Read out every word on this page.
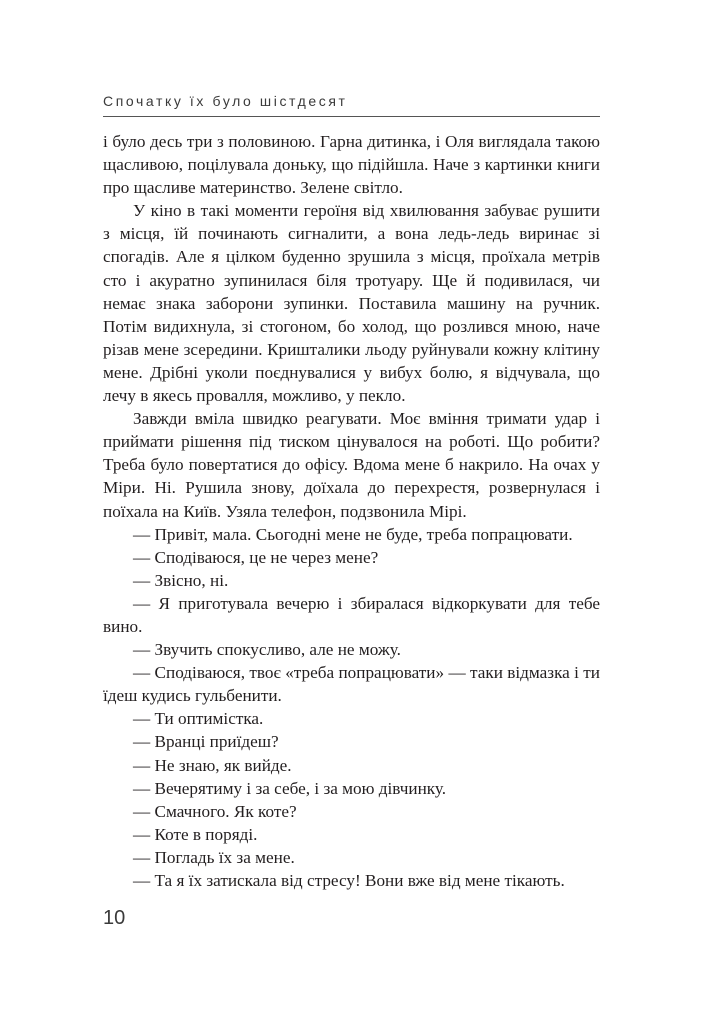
Спочатку їх було шістдесят

і було десь три з половиною. Гарна дитинка, і Оля виглядала такою щасливою, поцілувала доньку, що підійшла. Наче з картинки книги про щасливе материнство. Зелене світло.

У кіно в такі моменти героїня від хвилювання забуває рушити з місця, їй починають сигналити, а вона ледь-ледь виринає зі спогадів. Але я цілком буденно зрушила з місця, проїхала метрів сто і акуратно зупинилася біля тротуару. Ще й подивилася, чи немає знака заборони зупинки. Поставила машину на ручник. Потім видихнула, зі стогоном, бо холод, що розлився мною, наче різав мене зсередини. Кришталики льоду руйнували кожну клітину мене. Дрібні уколи поєднувалися у вибух болю, я відчувала, що лечу в якесь провалля, можливо, у пекло.

Завжди вміла швидко реагувати. Моє вміння тримати удар і приймати рішення під тиском цінувалося на роботі. Що робити? Треба було повертатися до офісу. Вдома мене б накрило. На очах у Міри. Ні. Рушила знову, доїхала до перехрестя, розвернулася і поїхала на Київ. Узяла телефон, подзвонила Мірі.

— Привіт, мала. Сьогодні мене не буде, треба попрацювати.

— Сподіваюся, це не через мене?

— Звісно, ні.

— Я приготувала вечерю і збиралася відкоркувати для тебе вино.

— Звучить спокусливо, але не можу.

— Сподіваюся, твоє «треба попрацювати» — таки відмазка і ти їдеш кудись гульбенити.

— Ти оптимістка.

— Вранці приїдеш?

— Не знаю, як вийде.

— Вечерятиму і за себе, і за мою дівчинку.

— Смачного. Як коте?

— Коте в порядi.

— Погладь їх за мене.

— Та я їх затискала від стресу! Вони вже від мене тікають.

10
